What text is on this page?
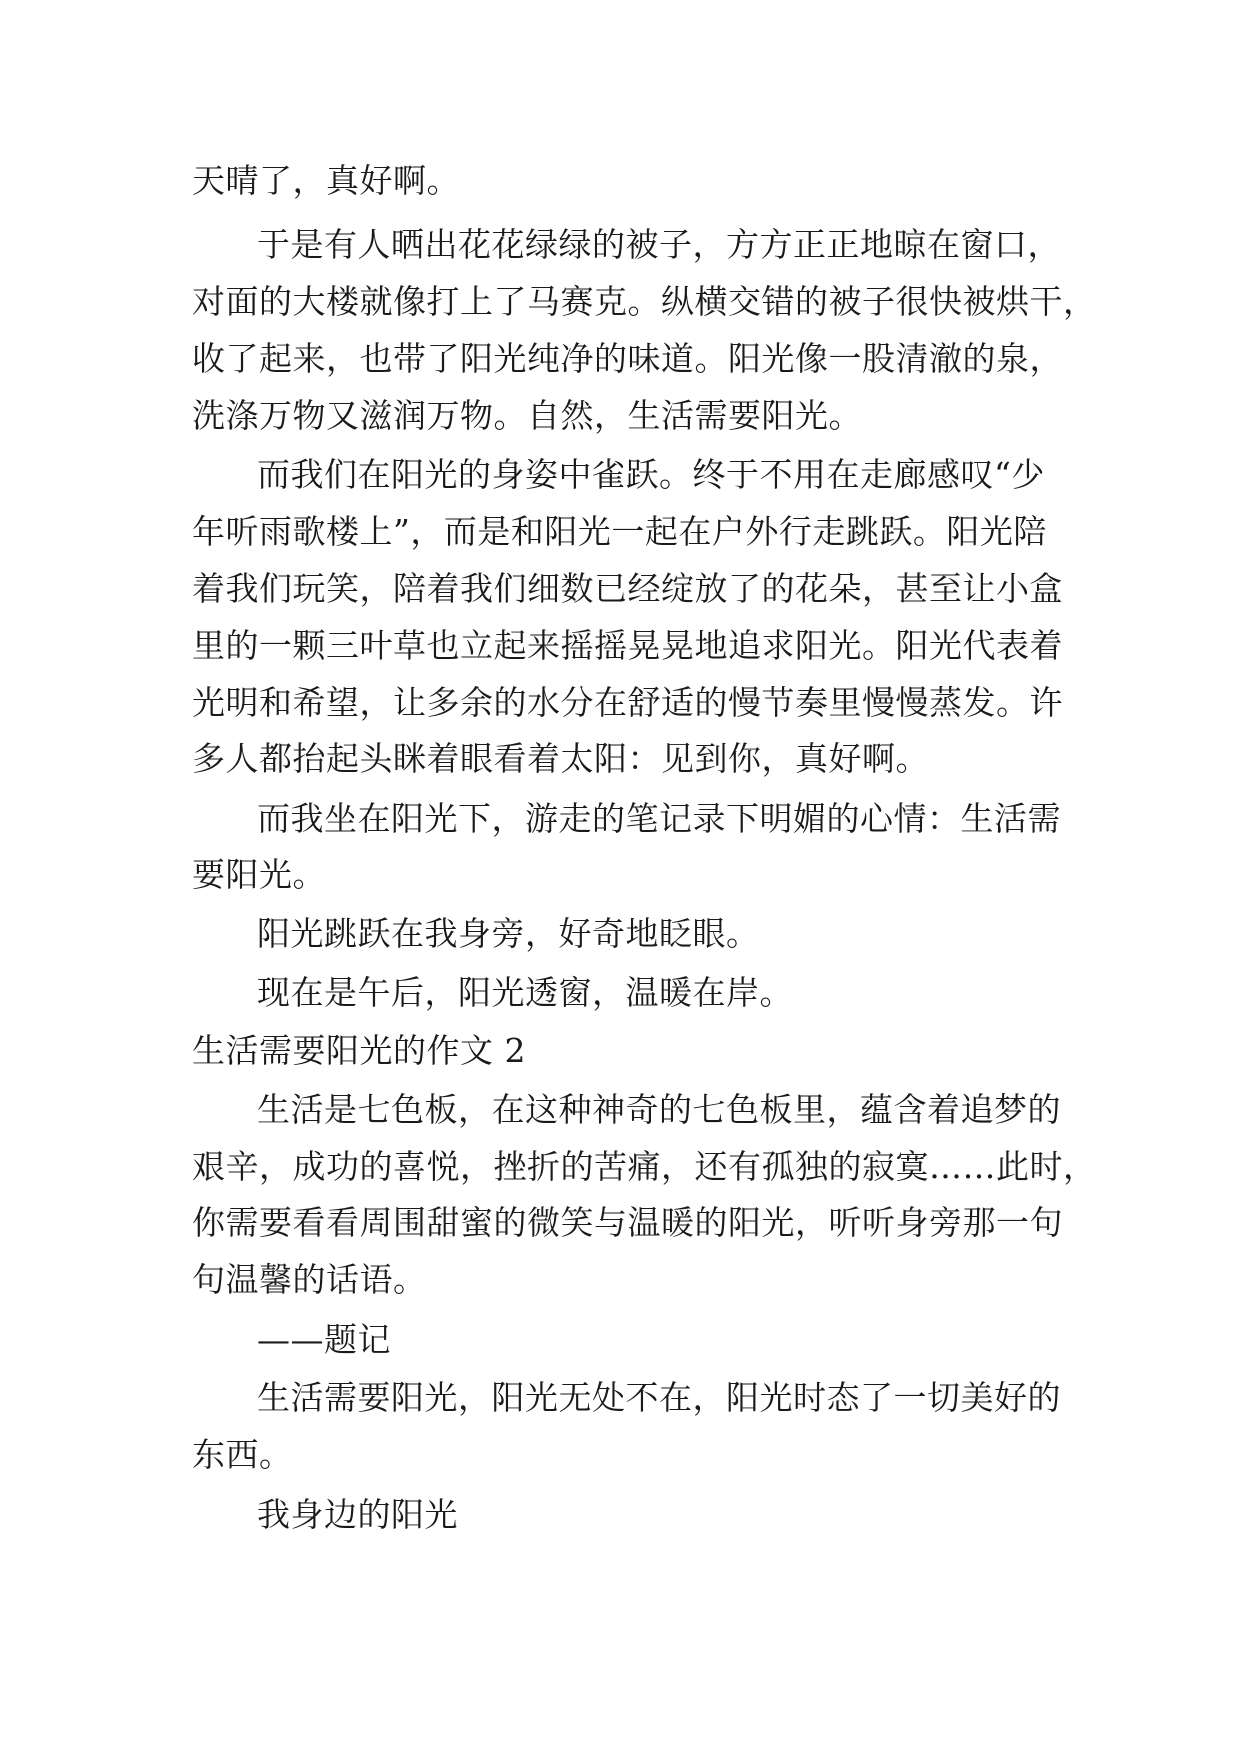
天晴了，真好啊。

于是有人晒出花花绿绿的被子，方方正正地晾在窗口，

对面的大楼就像打上了马赛克。纵横交错的被子很快被烘干，

收了起来，也带了阳光纯净的味道。阳光像一股清澈的泉，

洗涤万物又滋润万物。自然，生活需要阳光。

而我们在阳光的身姿中雀跃。终于不用在走廊感叹“少

年听雨歌楼上”，而是和阳光一起在户外行走跳跃。阳光陪

着我们玩笑，陪着我们细数已经绽放了的花朵，甚至让小盒

里的一颗三叶草也立起来摇摇晃晃地追求阳光。阳光代表着

光明和希望，让多余的水分在舒适的慢节奏里慢慢蒸发。许

多人都抬起头眯着眼看着太阳：见到你，真好啊。

而我坐在阳光下，游走的笔记录下明媚的心情：生活需

要阳光。

阳光跳跃在我身旁，好奇地眨眼。

现在是午后，阳光透窗，温暖在岸。

生活需要阳光的作文 2

生活是七色板，在这种神奇的七色板里，蕴含着追梦的

艰辛，成功的喜悦，挫折的苦痛，还有孤独的寂寞……此时，

你需要看看周围甜蜜的微笑与温暖的阳光，听听身旁那一句

句温馨的话语。

——题记

生活需要阳光，阳光无处不在，阳光时态了一切美好的

东西。

我身边的阳光
